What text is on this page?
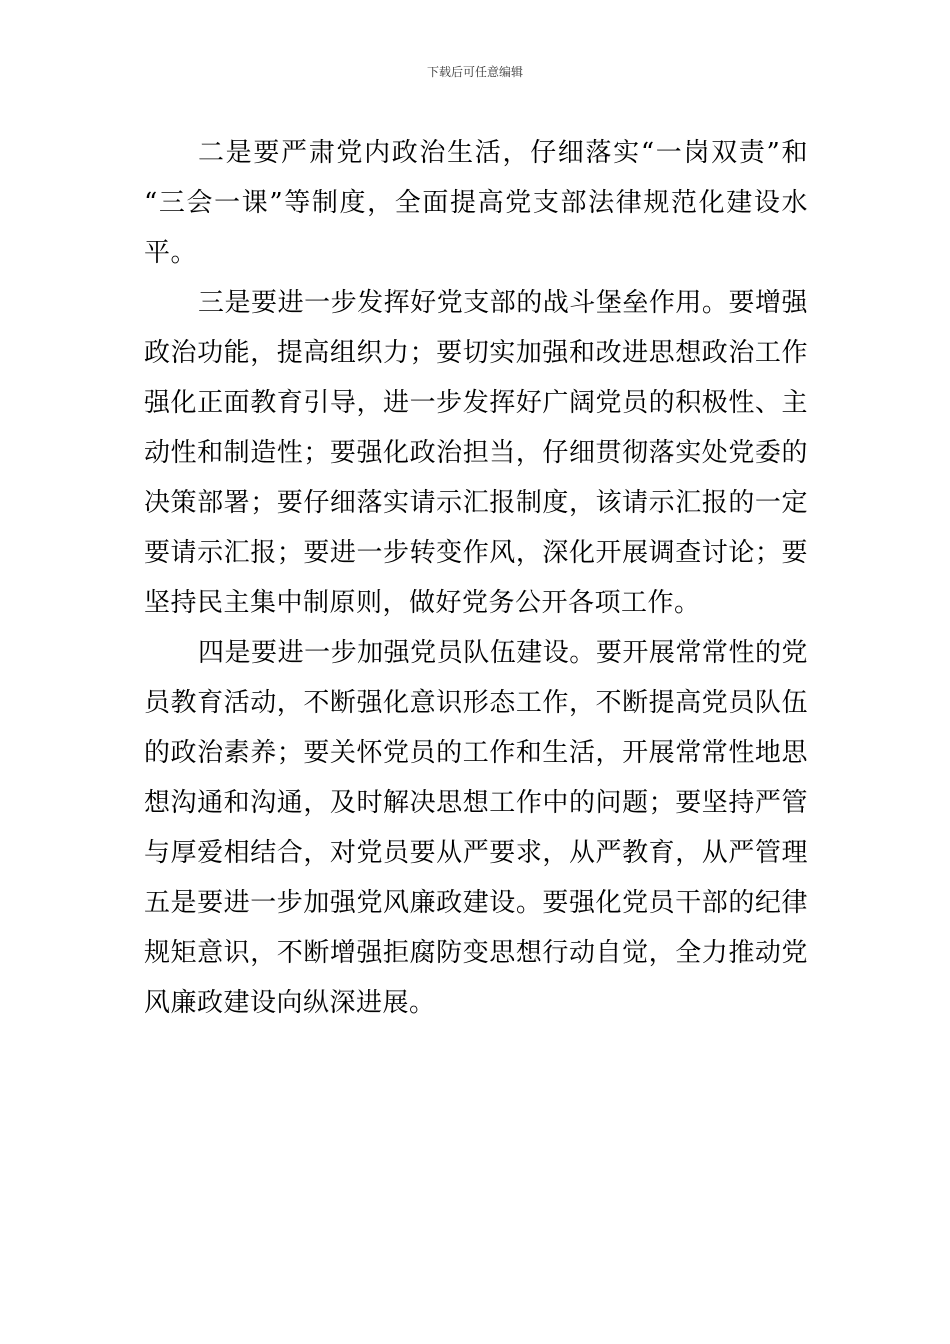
下载后可任意编辑
二是要严肃党内政治生活，仔细落实“一岗双责”和
“三会一课”等制度，全面提高党支部法律规范化建设水
平。
三是要进一步发挥好党支部的战斗堡垒作用。要增强
政治功能，提高组织力；要切实加强和改进思想政治工作
强化正面教育引导，进一步发挥好广阔党员的积极性、主
动性和制造性；要强化政治担当，仔细贯彻落实处党委的
决策部署；要仔细落实请示汇报制度，该请示汇报的一定
要请示汇报；要进一步转变作风，深化开展调查讨论；要
坚持民主集中制原则，做好党务公开各项工作。
四是要进一步加强党员队伍建设。要开展常常性的党
员教育活动，不断强化意识形态工作，不断提高党员队伍
的政治素养；要关怀党员的工作和生活，开展常常性地思
想沟通和沟通，及时解决思想工作中的问题；要坚持严管
与厚爱相结合，对党员要从严要求，从严教育，从严管理
五是要进一步加强党风廉政建设。要强化党员干部的纪律
规矩意识，不断增强拒腐防变思想行动自觉，全力推动党
风廉政建设向纵深进展。
